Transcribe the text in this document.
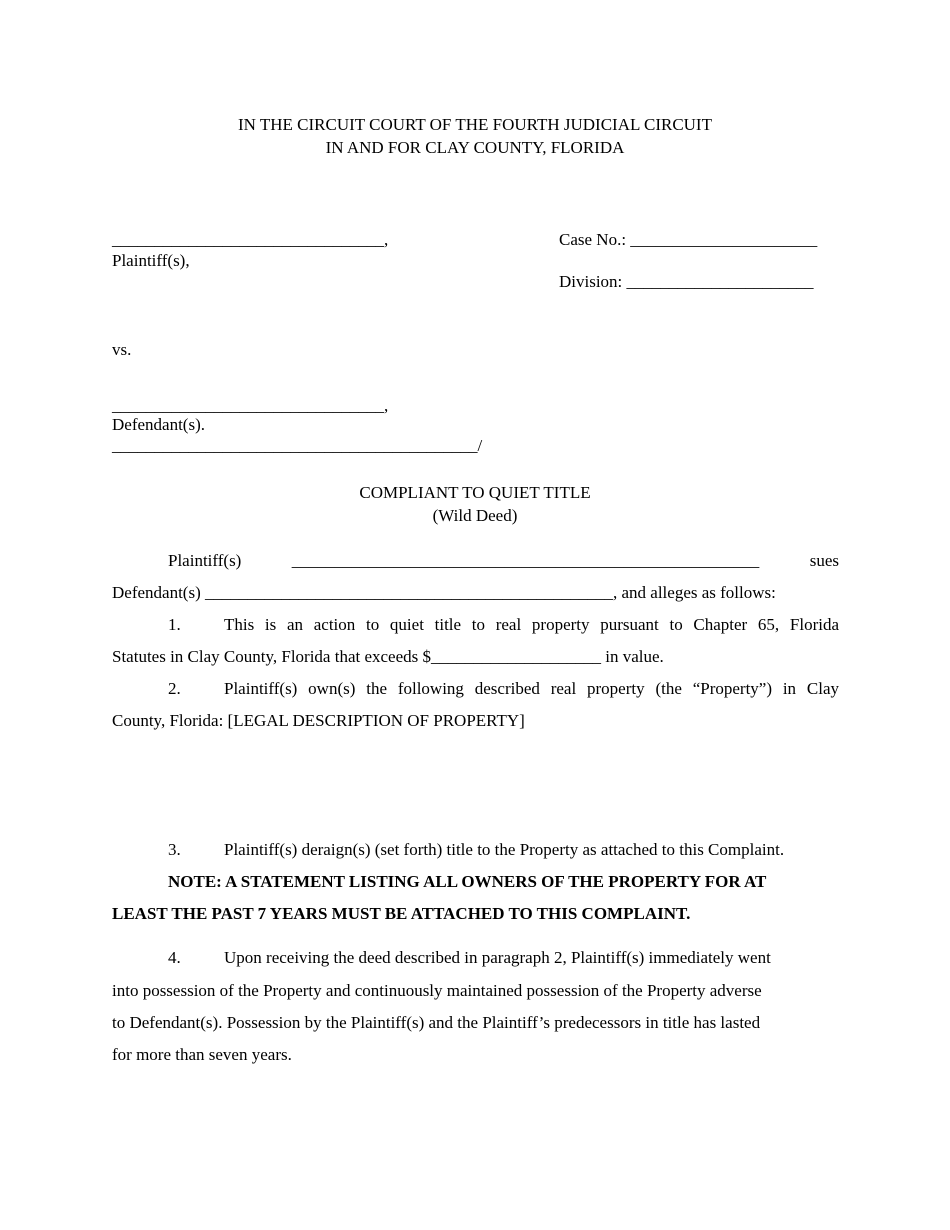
IN THE CIRCUIT COURT OF THE FOURTH JUDICIAL CIRCUIT
IN AND FOR CLAY COUNTY, FLORIDA
________________________________,
Plaintiff(s),
Case No.: ______________________
Division: ______________________
vs.
________________________________,
Defendant(s).
___________________________________________/
COMPLIANT TO QUIET TITLE
(Wild Deed)
Plaintiff(s)	_______________________________________________________	sues
Defendant(s) ________________________________________________, and alleges as follows:
1.	This is an action to quiet title to real property pursuant to Chapter 65, Florida
Statutes in Clay County, Florida that exceeds $____________________ in value.
2.	Plaintiff(s) own(s) the following described real property (the “Property”) in Clay
County, Florida: [LEGAL DESCRIPTION OF PROPERTY]
3.	Plaintiff(s) deraign(s) (set forth) title to the Property as attached to this Complaint.
NOTE: A STATEMENT LISTING ALL OWNERS OF THE PROPERTY FOR AT
LEAST THE PAST 7 YEARS MUST BE ATTACHED TO THIS COMPLAINT.
4.	Upon receiving the deed described in paragraph 2, Plaintiff(s) immediately went
into possession of the Property and continuously maintained possession of the Property adverse
to Defendant(s). Possession by the Plaintiff(s) and the Plaintiff’s predecessors in title has lasted
for more than seven years.
